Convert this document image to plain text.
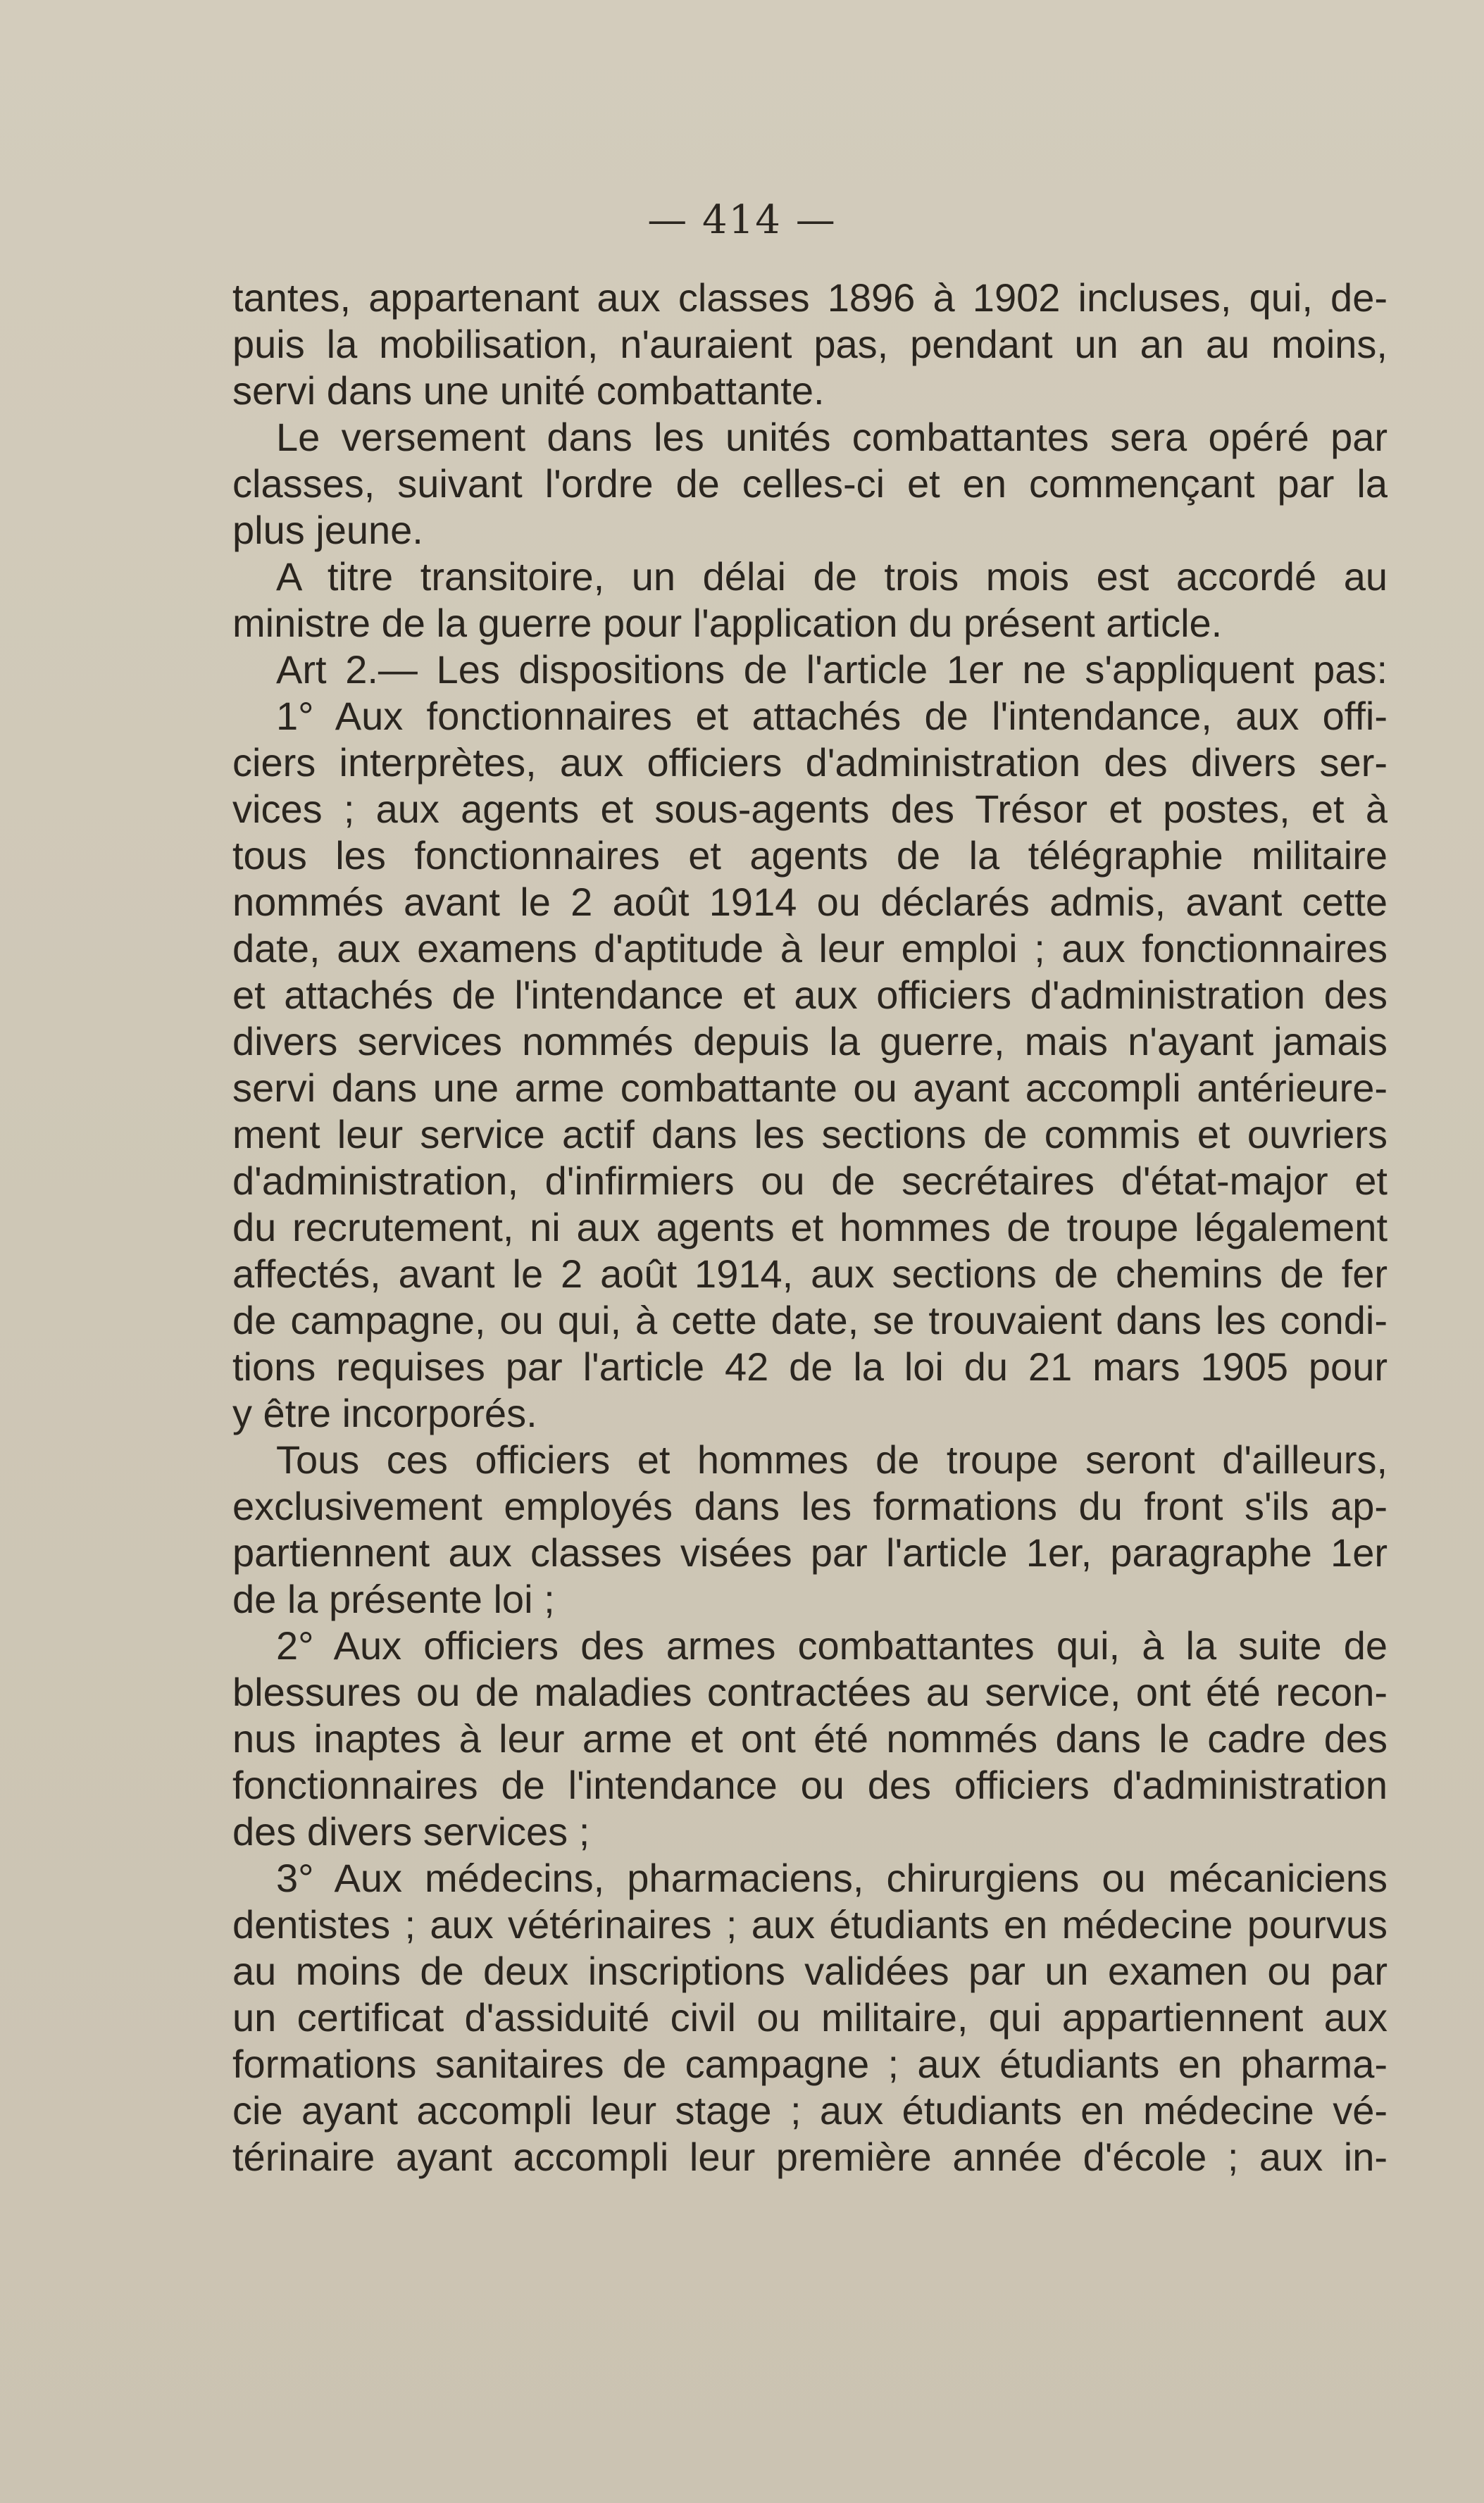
— 414 —
tantes, appartenant aux classes 1896 à 1902 incluses, qui, de-
puis la mobilisation, n'auraient pas, pendant un an au moins,
servi dans une unité combattante.
Le versement dans les unités combattantes sera opéré par
classes, suivant l'ordre de celles-ci et en commençant par la
plus jeune.
A titre transitoire, un délai de trois mois est accordé au
ministre de la guerre pour l'application du présent article.
Art 2.— Les dispositions de l'article 1er ne s'appliquent pas:
1° Aux fonctionnaires et attachés de l'intendance, aux offi-
ciers interprètes, aux officiers d'administration des divers ser-
vices ; aux agents et sous-agents des Trésor et postes, et à
tous les fonctionnaires et agents de la télégraphie militaire
nommés avant le 2 août 1914 ou déclarés admis, avant cette
date, aux examens d'aptitude à leur emploi ; aux fonctionnaires
et attachés de l'intendance et aux officiers d'administration des
divers services nommés depuis la guerre, mais n'ayant jamais
servi dans une arme combattante ou ayant accompli antérieure-
ment leur service actif dans les sections de commis et ouvriers
d'administration, d'infirmiers ou de secrétaires d'état-major et
du recrutement, ni aux agents et hommes de troupe légalement
affectés, avant le 2 août 1914, aux sections de chemins de fer
de campagne, ou qui, à cette date, se trouvaient dans les condi-
tions requises par l'article 42 de la loi du 21 mars 1905 pour
y être incorporés.
Tous ces officiers et hommes de troupe seront d'ailleurs,
exclusivement employés dans les formations du front s'ils ap-
partiennent aux classes visées par l'article 1er, paragraphe 1er
de la présente loi ;
2° Aux officiers des armes combattantes qui, à la suite de
blessures ou de maladies contractées au service, ont été recon-
nus inaptes à leur arme et ont été nommés dans le cadre des
fonctionnaires de l'intendance ou des officiers d'administration
des divers services ;
3° Aux médecins, pharmaciens, chirurgiens ou mécaniciens
dentistes ; aux vétérinaires ; aux étudiants en médecine pourvus
au moins de deux inscriptions validées par un examen ou par
un certificat d'assiduité civil ou militaire, qui appartiennent aux
formations sanitaires de campagne ; aux étudiants en pharma-
cie ayant accompli leur stage ; aux étudiants en médecine vé-
térinaire ayant accompli leur première année d'école ; aux in-
